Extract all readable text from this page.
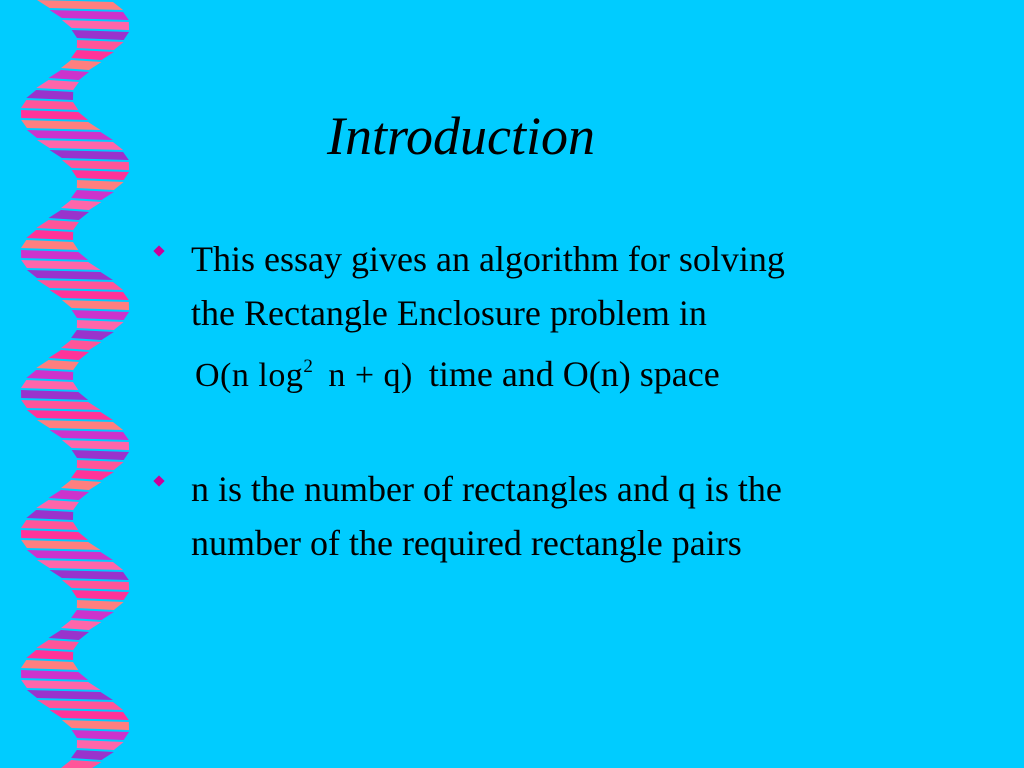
Introduction
This essay gives an algorithm for solving
the Rectangle Enclosure problem in
O(n $\log^2 n + q$) time and O(n) space
n is the number of rectangles and q is the
number of the required rectangle pairs
